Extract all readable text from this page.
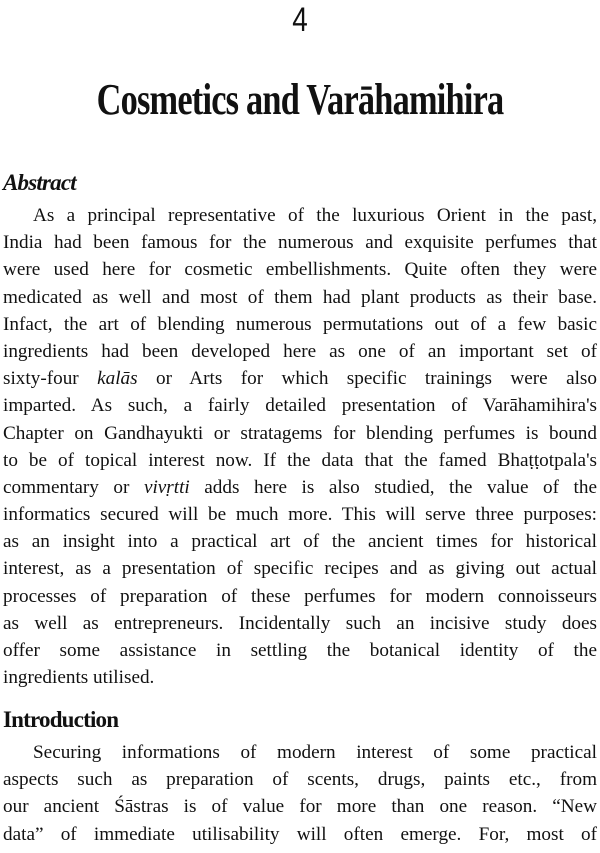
4
Cosmetics and Varāhamihira
Abstract
As a principal representative of the luxurious Orient in the past,
India had been famous for the numerous and exquisite perfumes that
were used here for cosmetic embellishments. Quite often they were
medicated as well and most of them had plant products as their base.
Infact, the art of blending numerous permutations out of a few basic
ingredients had been developed here as one of an important set of
sixty-four kalās or Arts for which specific trainings were also
imparted. As such, a fairly detailed presentation of Varāhamihira's
Chapter on Gandhayukti or stratagems for blending perfumes is bound
to be of topical interest now. If the data that the famed Bhaṭṭotpala's
commentary or vivṛtti adds here is also studied, the value of the
informatics secured will be much more. This will serve three purposes:
as an insight into a practical art of the ancient times for historical
interest, as a presentation of specific recipes and as giving out actual
processes of preparation of these perfumes for modern connoisseurs
as well as entrepreneurs. Incidentally such an incisive study does
offer some assistance in settling the botanical identity of the
ingredients utilised.
Introduction
Securing informations of modern interest of some practical
aspects such as preparation of scents, drugs, paints etc., from
our ancient Śāstras is of value for more than one reason. “New
data” of immediate utilisability will often emerge. For, most of
